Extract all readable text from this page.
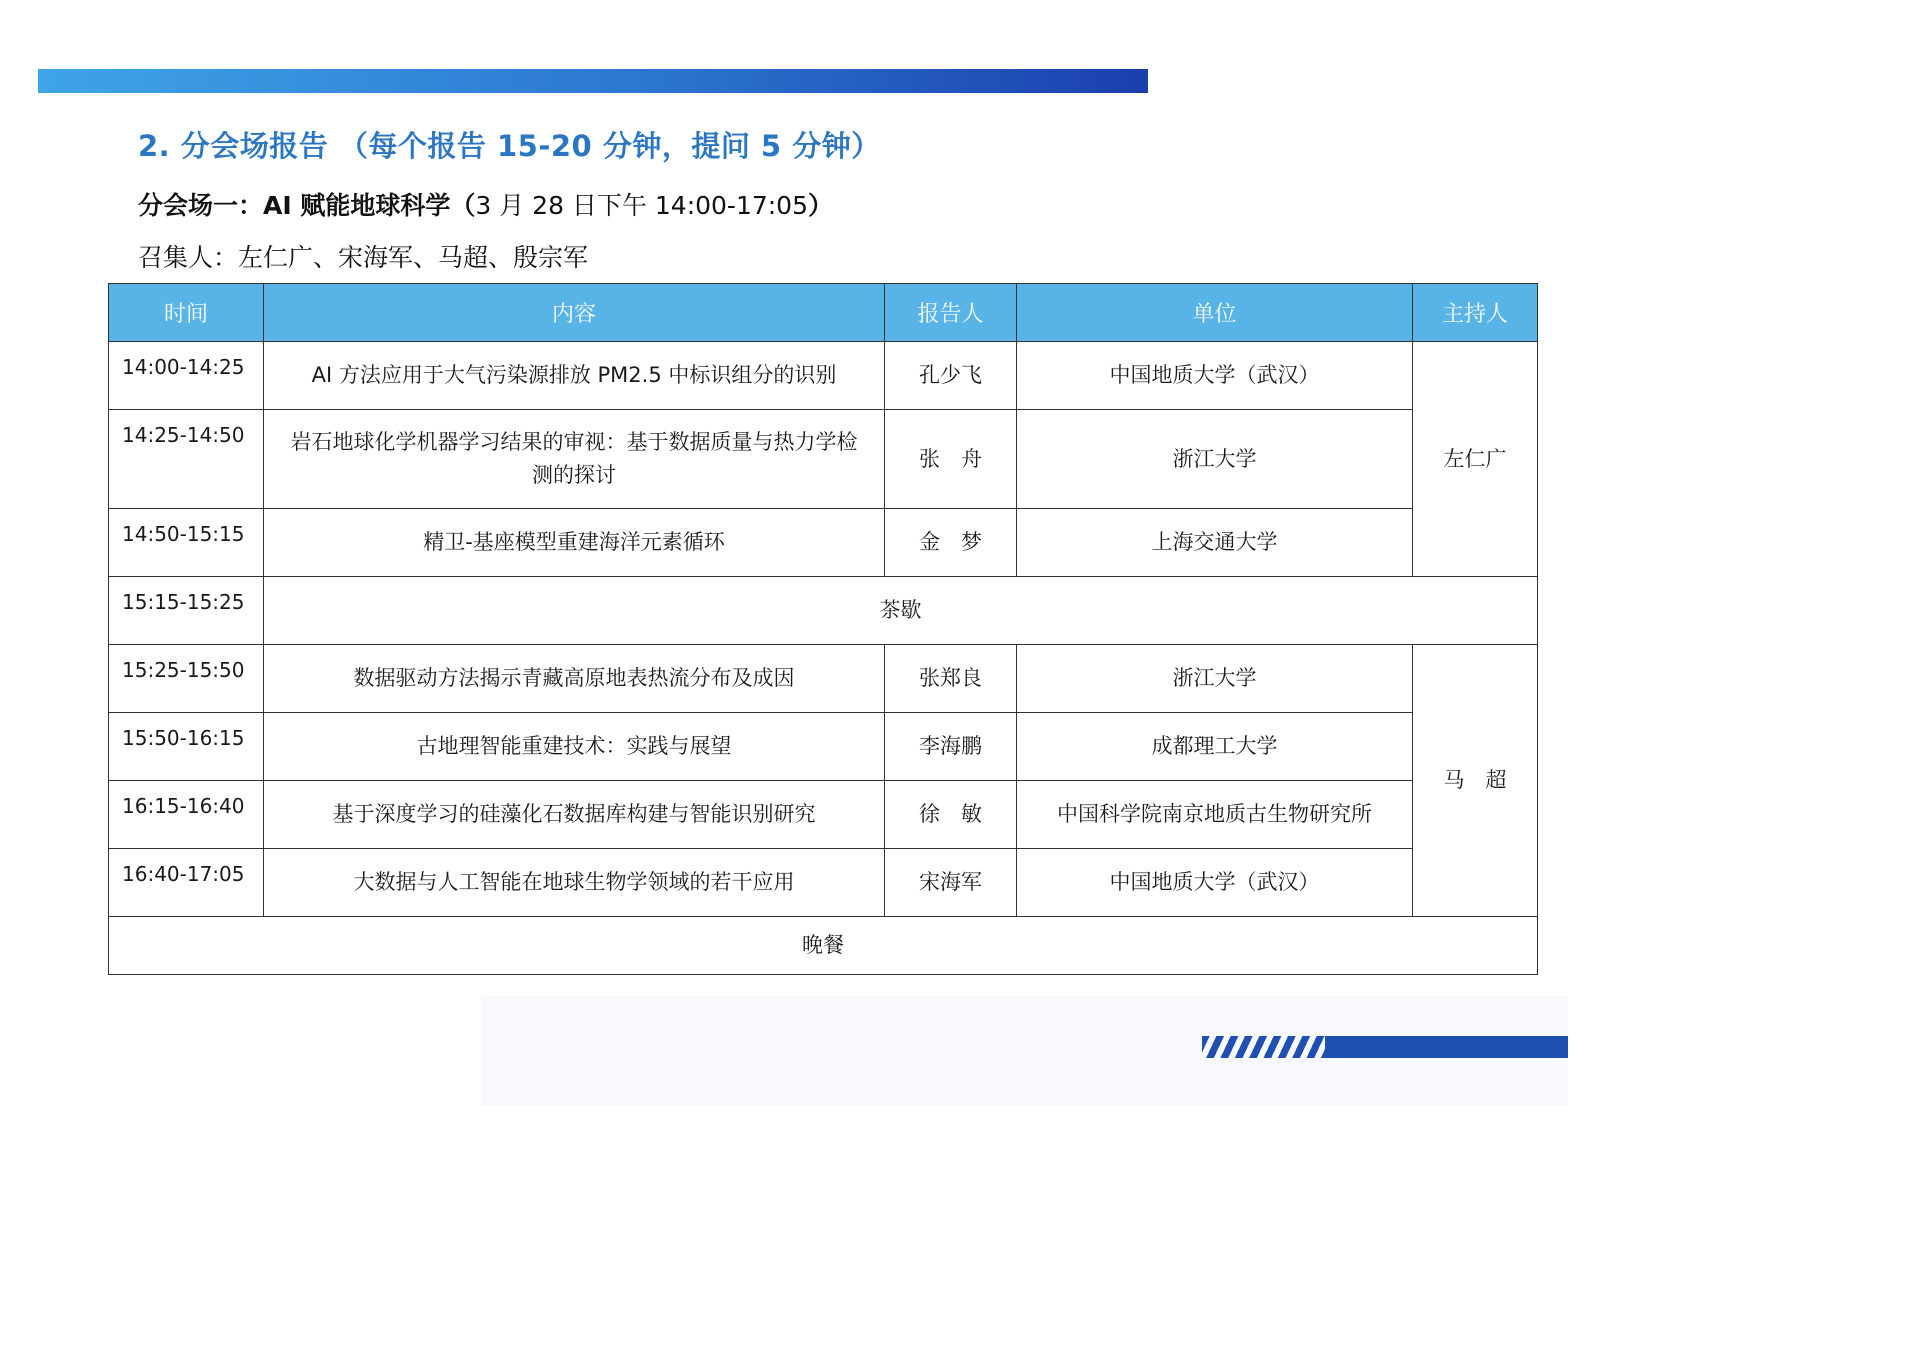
2. 分会场报告 （每个报告 15-20 分钟，提问 5 分钟）
分会场一：AI 赋能地球科学（3 月 28 日下午 14:00-17:05）
召集人：左仁广、宋海军、马超、殷宗军
时间	内容	报告人	单位	主持人
14:00-14:25	AI 方法应用于大气污染源排放 PM2.5 中标识组分的识别	孔少飞	中国地质大学（武汉）	左仁广
14:25-14:50	岩石地球化学机器学习结果的审视：基于数据质量与热力学检测的探讨	张　舟	浙江大学	
14:50-15:15	精卫-基座模型重建海洋元素循环	金　梦	上海交通大学	
15:15-15:25	茶歇			
15:25-15:50	数据驱动方法揭示青藏高原地表热流分布及成因	张郑良	浙江大学	马　超
15:50-16:15	古地理智能重建技术：实践与展望	李海鹏	成都理工大学	
16:15-16:40	基于深度学习的硅藻化石数据库构建与智能识别研究	徐　敏	中国科学院南京地质古生物研究所	
16:40-17:05	大数据与人工智能在地球生物学领域的若干应用	宋海军	中国地质大学（武汉）	
晚餐				
